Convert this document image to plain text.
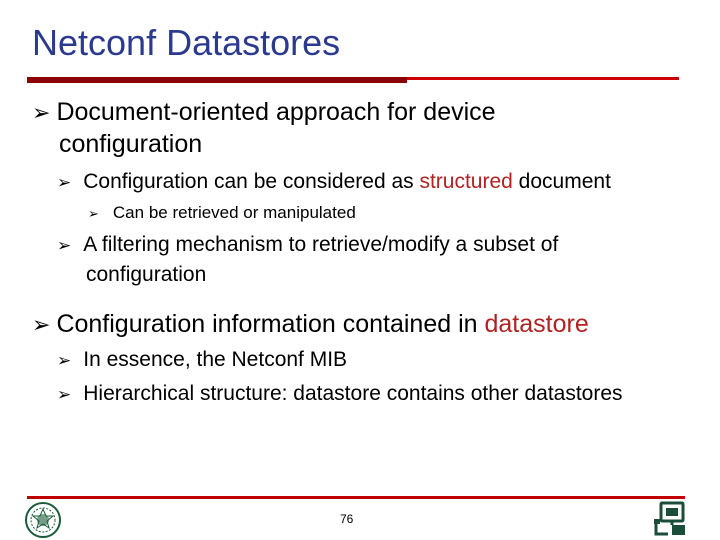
Netconf Datastores
➢ Document-oriented approach for device
configuration
➢ Configuration can be considered as structured document
➢ Can be retrieved or manipulated
➢ A filtering mechanism to retrieve/modify a subset of
configuration
➢ Configuration information contained in datastore
➢ In essence, the Netconf MIB
➢ Hierarchical structure: datastore contains other datastores
76
